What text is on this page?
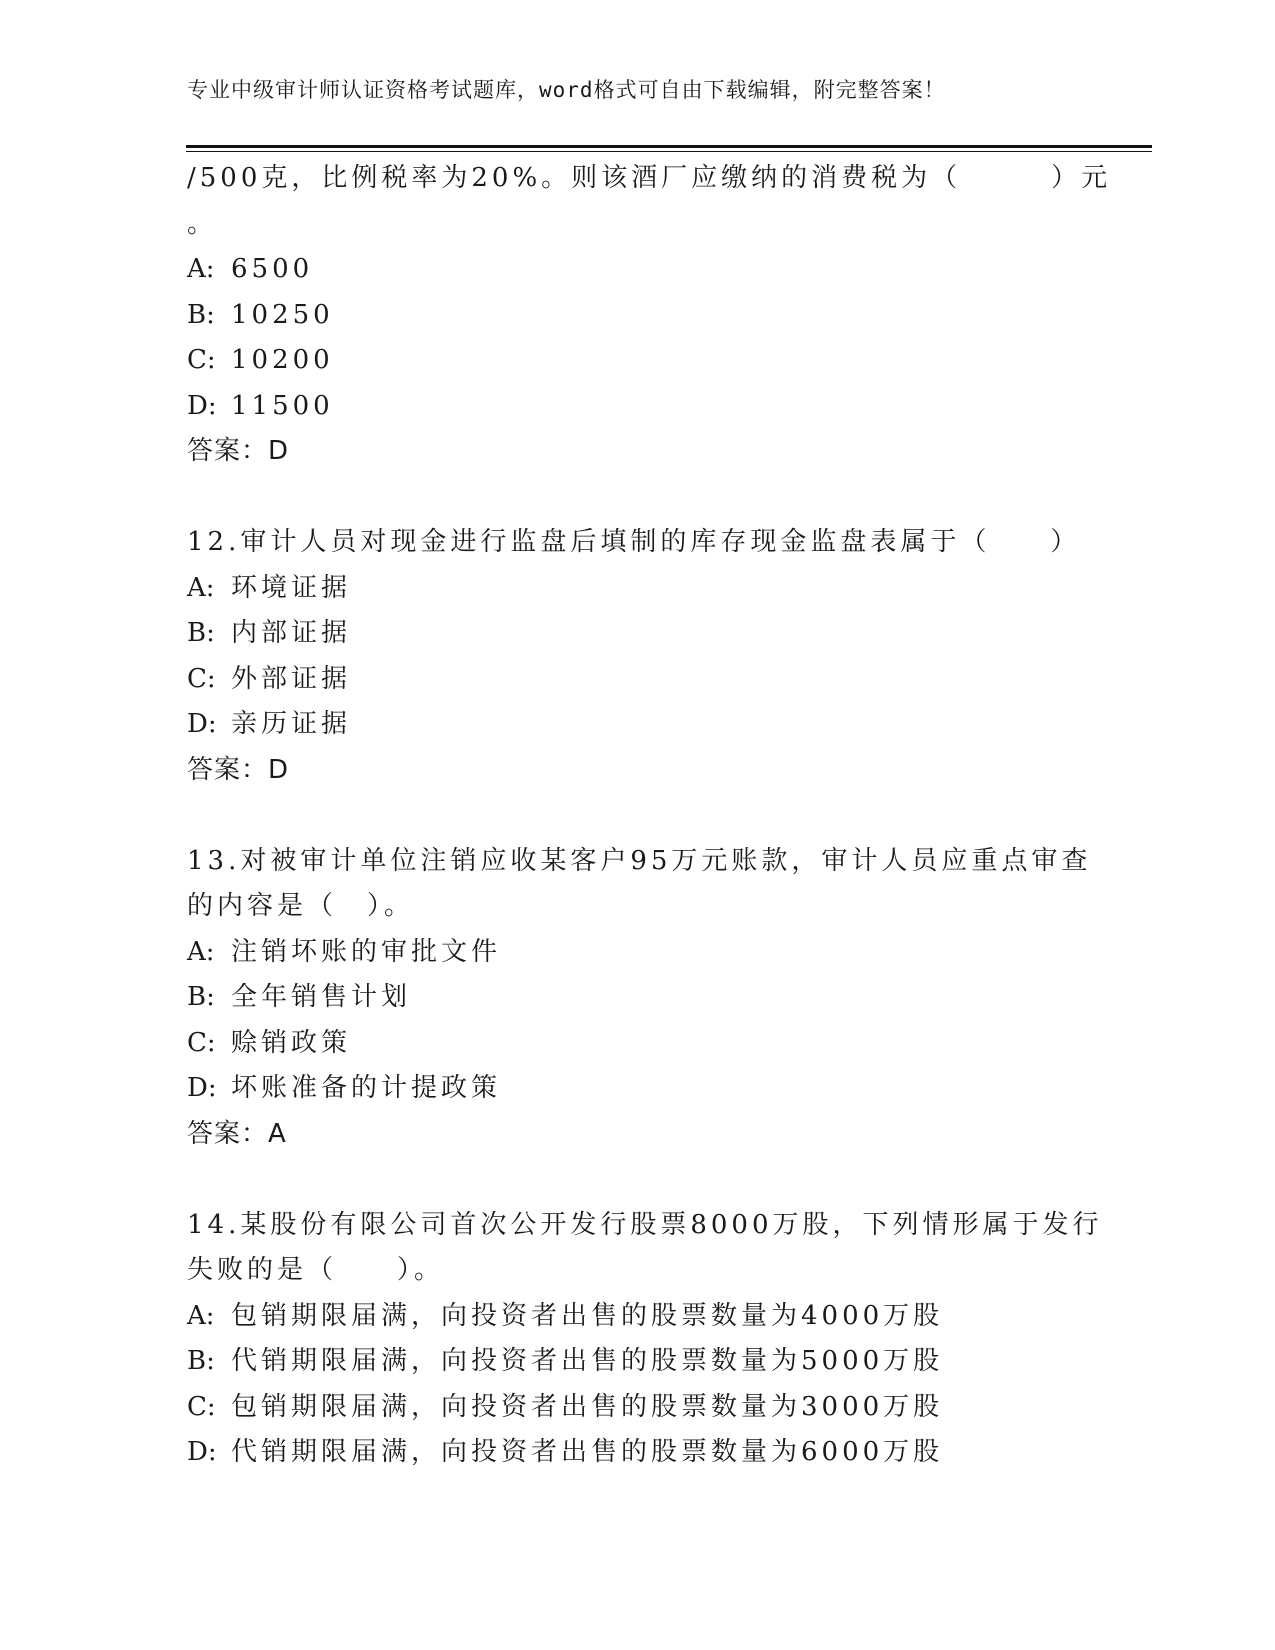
专业中级审计师认证资格考试题库，word格式可自由下载编辑，附完整答案！
/500克，比例税率为20%。则该酒厂应缴纳的消费税为（　　　）元
。
A: 6500
B: 10250
C: 10200
D: 11500
答案：D
12.审计人员对现金进行监盘后填制的库存现金监盘表属于（　　）
A: 环境证据
B: 内部证据
C: 外部证据
D: 亲历证据
答案：D
13.对被审计单位注销应收某客户95万元账款，审计人员应重点审查
的内容是（　）。
A: 注销坏账的审批文件
B: 全年销售计划
C: 赊销政策
D: 坏账准备的计提政策
答案：A
14.某股份有限公司首次公开发行股票8000万股，下列情形属于发行
失败的是（　　）。
A: 包销期限届满，向投资者出售的股票数量为4000万股
B: 代销期限届满，向投资者出售的股票数量为5000万股
C: 包销期限届满，向投资者出售的股票数量为3000万股
D: 代销期限届满，向投资者出售的股票数量为6000万股
